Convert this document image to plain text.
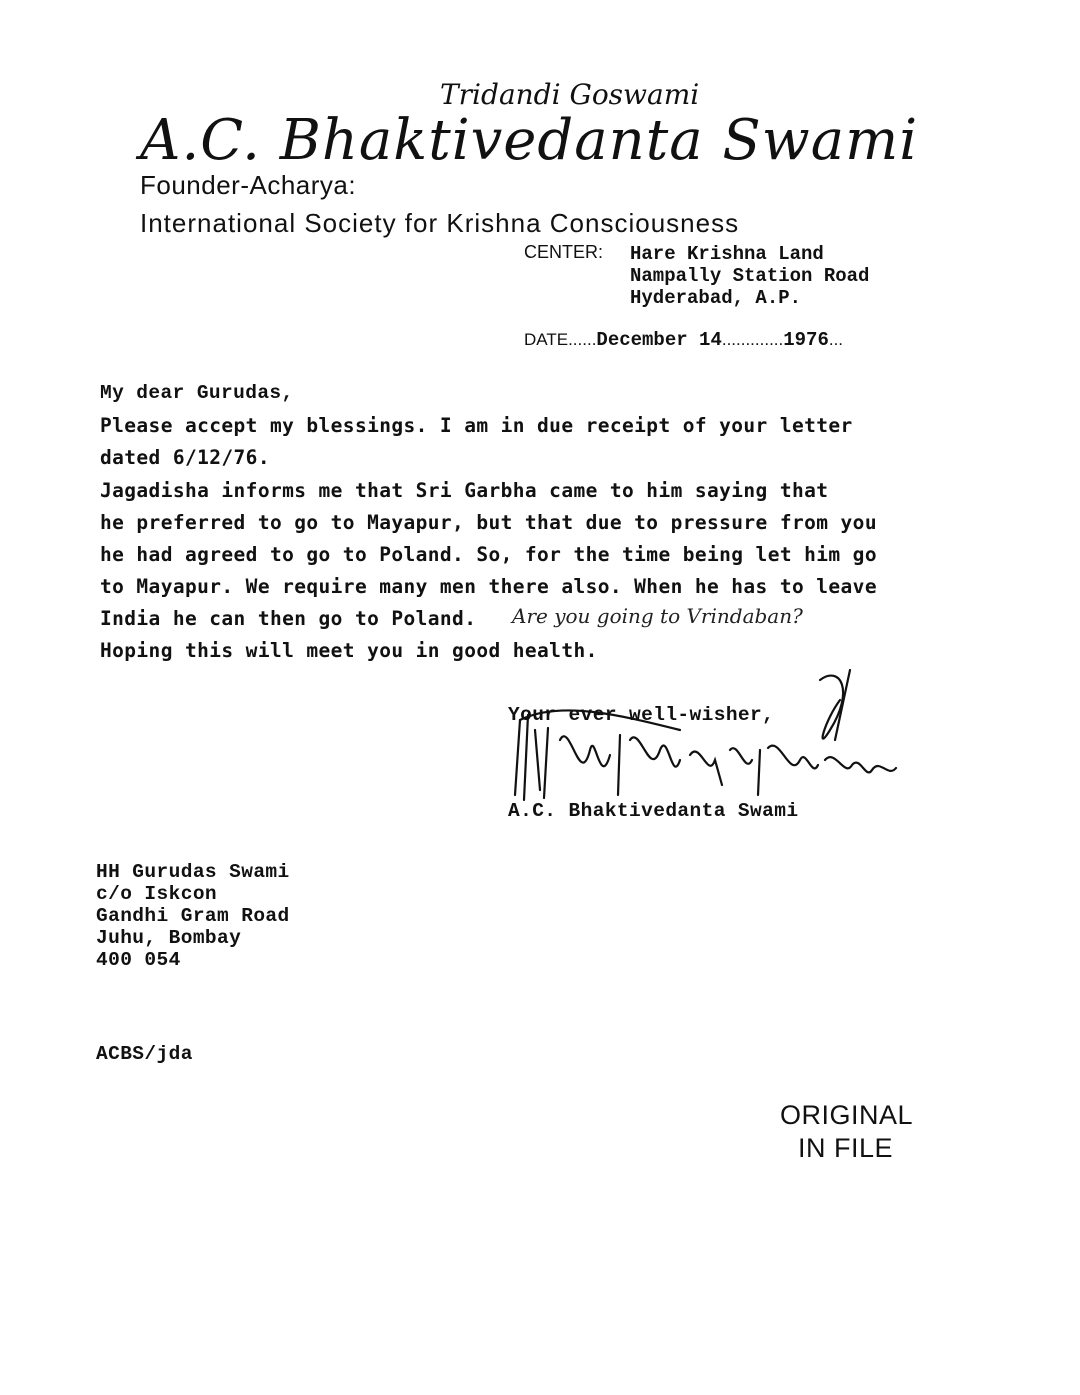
Tridandi Goswami
A.C. Bhaktivedanta Swami
Founder-Acharya:
International Society for Krishna Consciousness
CENTER: Hare Krishna Land
Nampally Station Road
Hyderabad, A.P.
DATE......December 14.............1976...
My dear Gurudas,
Please accept my blessings. I am in due receipt of your letter
dated 6/12/76.
Jagadisha informs me that Sri Garbha came to him saying that
he preferred to go to Mayapur, but that due to pressure from you
he had agreed to go to Poland. So, for the time being let him go
to Mayapur. We require many men there also. When he has to leave
India he can then go to Poland. Are you going to Vrindaban?
Hoping this will meet you in good health.
Your ever well-wisher,
A.C. Bhaktivedanta Swami
HH Gurudas Swami
c/o Iskcon
Gandhi Gram Road
Juhu, Bombay
400 054
ACBS/jda
ORIGINAL
IN FILE
